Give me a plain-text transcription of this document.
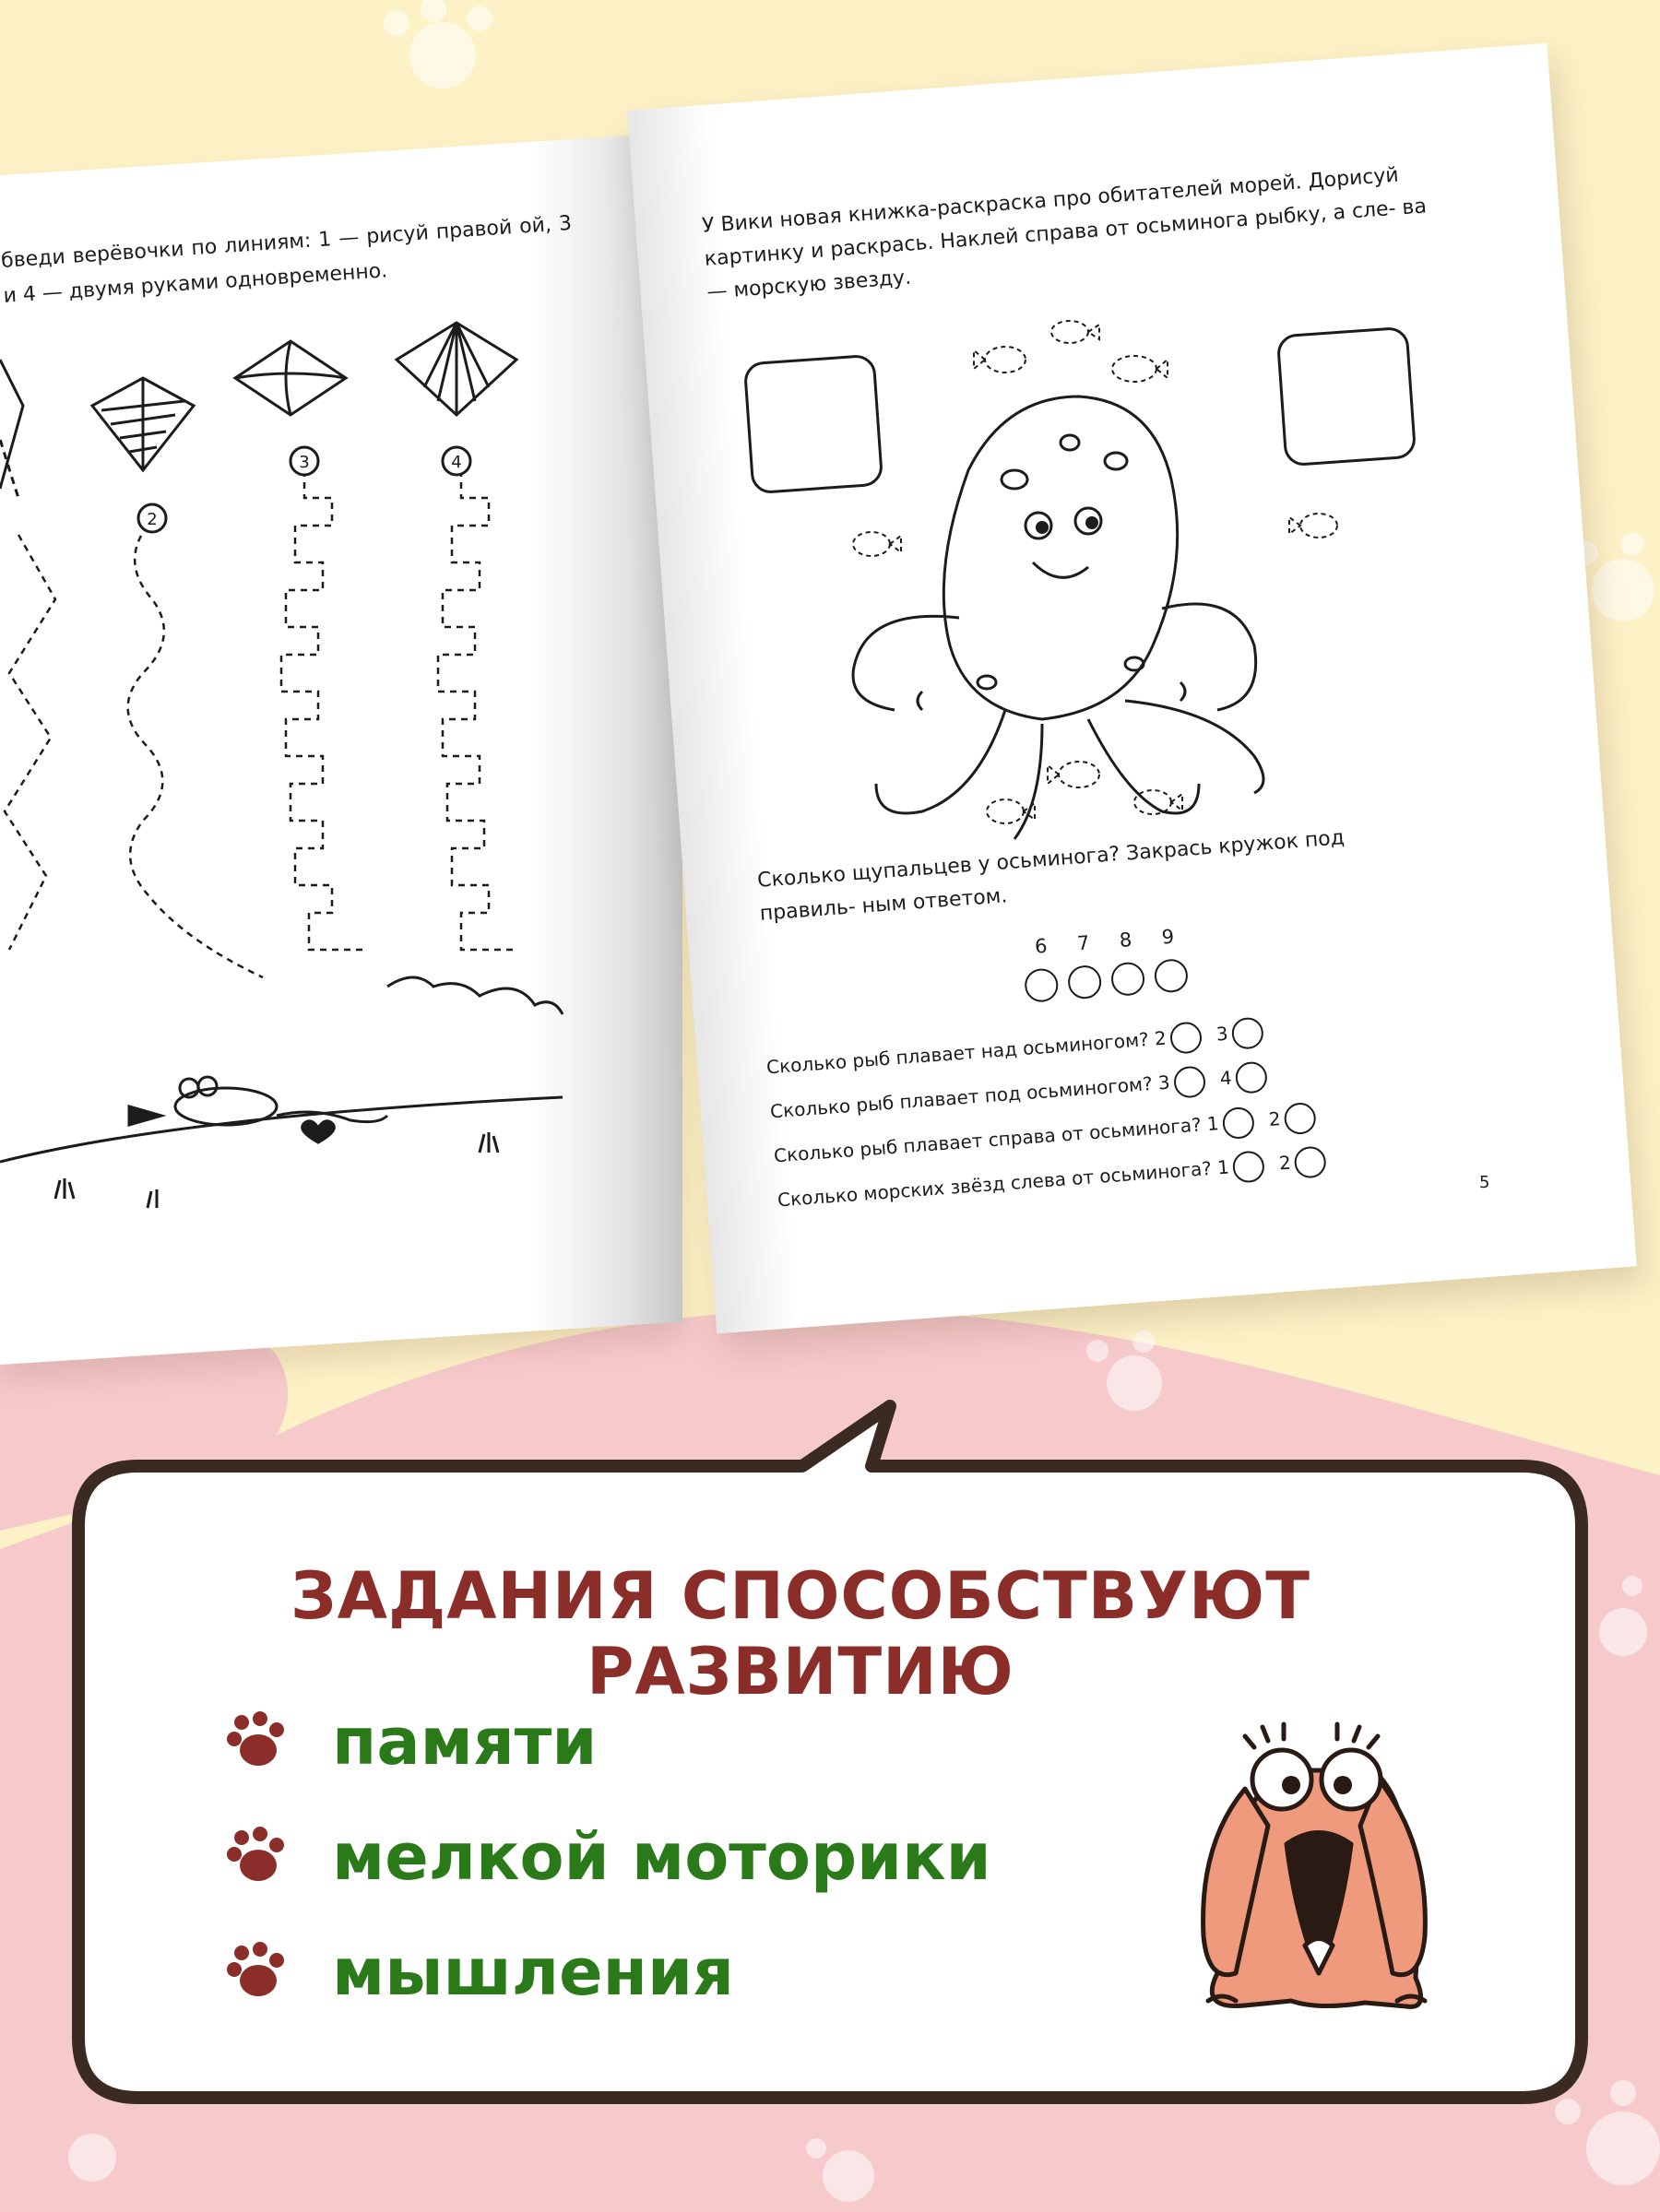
бведи верёвочки по линиям: 1 — рисуй правой ой, 3 и 4 — двумя руками одновременно.
2
3	4
У Вики новая книжка-раскраска про обитателей морей. Дорисуй картинку и раскрась. Наклей справа от осьминога рыбку, а сле- ва — морскую звезду.
Сколько щупальцев у осьминога? Закрась кружок под правиль- ным ответом.
6 7 8 9
Сколько рыб плавает над осьминогом? 2	3
Сколько рыб плавает под осьминогом? 3	4
Сколько рыб плавает справа от осьминога? 1	2
Сколько морских звёзд слева от осьминога? 1	2
5
ЗАДАНИЯ СПОСОБСТВУЮТ РАЗВИТИЮ
памяти
мелкой моторики
мышления
